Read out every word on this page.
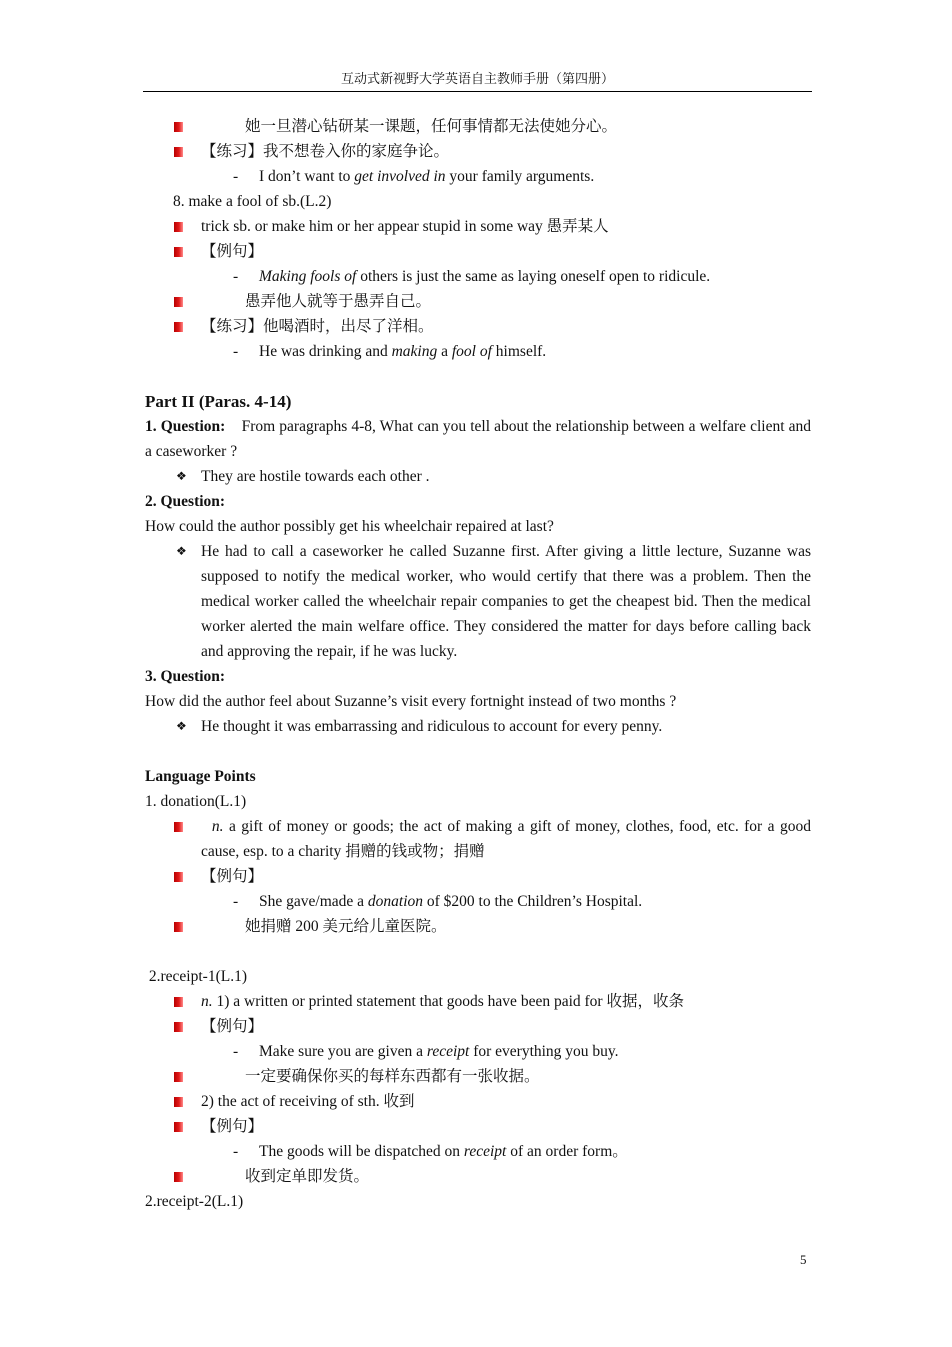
互动式新视野大学英语自主教师手册（第四册）
她一旦潜心钻研某一课题，任何事情都无法使她分心。
【练习】我不想卷入你的家庭争论。
- I don’t want to get involved in your family arguments.
8. make a fool of sb.(L.2)
trick sb. or make him or her appear stupid in some way 愚弄某人
【例句】
- Making fools of others is just the same as laying oneself open to ridicule.
愚弄他人就等于愚弄自己。
【练习】他喝酒时，出尽了洋相。
- He was drinking and making a fool of himself.
Part II (Paras. 4-14)
1. Question: From paragraphs 4-8, What can you tell about the relationship between a welfare client and a caseworker ?
❖ They are hostile towards each other .
2. Question:
How could the author possibly get his wheelchair repaired at last?
❖ He had to call a caseworker he called Suzanne first. After giving a little lecture, Suzanne was supposed to notify the medical worker, who would certify that there was a problem. Then the medical worker called the wheelchair repair companies to get the cheapest bid. Then the medical worker alerted the main welfare office. They considered the matter for days before calling back and approving the repair, if he was lucky.
3. Question:
How did the author feel about Suzanne’s visit every fortnight instead of two months ?
❖ He thought it was embarrassing and ridiculous to account for every penny.
Language Points
1. donation(L.1)
n. a gift of money or goods; the act of making a gift of money, clothes, food, etc. for a good cause, esp. to a charity 捐赠的钱或物；捐赠
【例句】
- She gave/made a donation of $200 to the Children’s Hospital.
她捐赠 200 美元给儿童医院。
2.receipt-1(L.1)
n. 1) a written or printed statement that goods have been paid for 收据，收条
【例句】
- Make sure you are given a receipt for everything you buy.
一定要确保你买的每样东西都有一张收据。
2) the act of receiving of sth. 收到
【例句】
- The goods will be dispatched on receipt of an order form。
收到定单即发货。
2.receipt-2(L.1)
5
